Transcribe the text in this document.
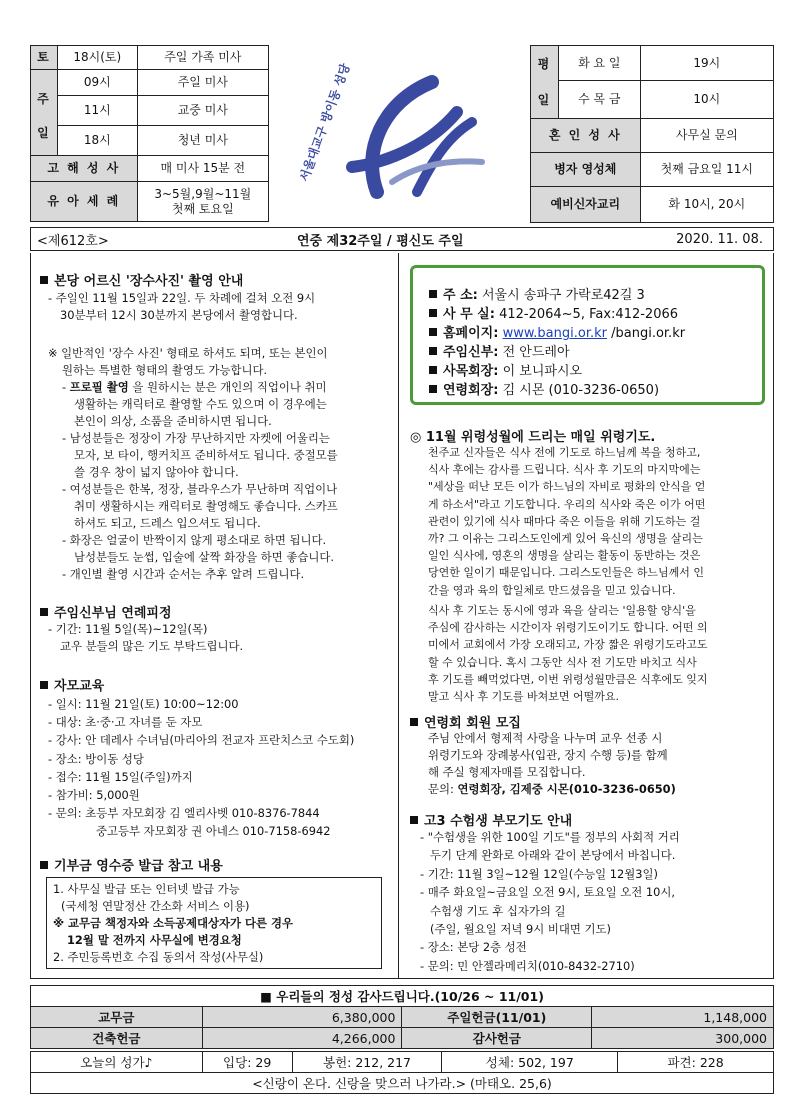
토	18시(토)	주일 가족 미사

주
일	09시	주일 미사
	11시	교중 미사
	18시	청년 미사
고 해 성 사		매 미사 15분 전
유 아 세 례		3~5월,9월~11월
첫째 토요일
서울대교구 방이동 성당	평
일	화 요 일	19시
	수 목 금	10시
혼 인 성 사		사무실 문의
병자 영성체		첫째 금요일 11시
예비신자교리		화 10시, 20시
<제612호>	연중 제32주일 / 평신도 주일	2020. 11. 08.
본당 어르신 '장수사진' 촬영 안내
- 주일인 11월 15일과 22일. 두 차례에 걸쳐 오전 9시
30분부터 12시 30분까지 본당에서 촬영합니다.
※ 일반적인 '장수 사진' 형태로 하셔도 되며, 또는 본인이
원하는 특별한 형태의 촬영도 가능합니다.
- 프로필 촬영 을 원하시는 분은 개인의 직업이나 취미
생활하는 캐릭터로 촬영할 수도 있으며 이 경우에는
본인이 의상, 소품을 준비하시면 됩니다.
- 남성분들은 정장이 가장 무난하지만 자켓에 어울리는
모자, 보 타이, 행커치프 준비하셔도 됩니다. 중절모를
쓸 경우 창이 넓지 않아야 합니다.
- 여성분들은 한복, 정장, 블라우스가 무난하며 직업이나
취미 생활하시는 캐릭터로 촬영해도 좋습니다. 스카프
하셔도 되고, 드레스 입으셔도 됩니다.
- 화장은 얼굴이 반짝이지 않게 평소대로 하면 됩니다.
남성분들도 눈썹, 입술에 살짝 화장을 하면 좋습니다.
- 개인별 촬영 시간과 순서는 추후 알려 드립니다.
주임신부님 연례피정
- 기간: 11월 5일(목)~12일(목)
교우 분들의 많은 기도 부탁드립니다.
자모교육
- 일시: 11월 21일(토) 10:00~12:00
- 대상: 초·중·고 자녀를 둔 자모
- 강사: 안 데레사 수녀님(마리아의 전교자 프란치스코 수도회)
- 장소: 방이동 성당
- 접수: 11월 15일(주일)까지
- 참가비: 5,000원
- 문의: 초등부 자모회장 김 엘리사벳 010-8376-7844
중고등부 자모회장 권 아네스 010-7158-6942
기부금 영수증 발급 참고 내용
1. 사무실 발급 또는 인터넷 발급 가능
(국세청 연말정산 간소화 서비스 이용)
※ 교무금 책정자와 소득공제대상자가 다른 경우
12월 말 전까지 사무실에 변경요청
2. 주민등록번호 수집 동의서 작성(사무실)
주 소: 서울시 송파구 가락로42길 3
사 무 실: 412-2064~5, Fax:412-2066
홈페이지: www.bangi.or.kr /bangi.or.kr
주임신부: 전 안드레아
사목회장: 이 보니파시오
연령회장: 김 시몬 (010-3236-0650)
◎ 11월 위령성월에 드리는 매일 위령기도.
천주교 신자들은 식사 전에 기도로 하느님께 복을 청하고,
식사 후에는 감사를 드립니다. 식사 후 기도의 마지막에는
"세상을 떠난 모든 이가 하느님의 자비로 평화의 안식을 얻
게 하소서"라고 기도합니다. 우리의 식사와 죽은 이가 어떤
관련이 있기에 식사 때마다 죽은 이들을 위해 기도하는 걸
까? 그 이유는 그리스도인에게 있어 육신의 생명을 살리는
일인 식사에, 영혼의 생명을 살리는 활동이 동반하는 것은
당연한 일이기 때문입니다. 그리스도인들은 하느님께서 인
간을 영과 육의 합일체로 만드셨음을 믿고 있습니다.
식사 후 기도는 동시에 영과 육을 살리는 '일용할 양식'을
주심에 감사하는 시간이자 위령기도이기도 합니다. 어떤 의
미에서 교회에서 가장 오래되고, 가장 짧은 위령기도라고도
할 수 있습니다. 혹시 그동안 식사 전 기도만 바치고 식사
후 기도를 빼먹었다면, 이번 위령성월만큼은 식후에도 잊지
말고 식사 후 기도를 바쳐보면 어떨까요.
연령회 회원 모집
주님 안에서 형제적 사랑을 나누며 교우 선종 시
위령기도와 장례봉사(입관, 장지 수행 등)를 함께
해 주실 형제자매를 모집합니다.
문의: 연령회장, 김제중 시몬(010-3236-0650)
고3 수험생 부모기도 안내
- "수험생을 위한 100일 기도"를 정부의 사회적 거리
두기 단계 완화로 아래와 같이 본당에서 바칩니다.
- 기간: 11월 3일~12월 12일(수능일 12월3일)
- 매주 화요일~금요일 오전 9시, 토요일 오전 10시,
수험생 기도 후 십자가의 길
(주일, 월요일 저녁 9시 비대면 기도)
- 장소: 본당 2층 성전
- 문의: 민 안젤라메리치(010-8432-2710)
■ 우리들의 정성 감사드립니다.(10/26 ~ 11/01)			
교무금	6,380,000	주일헌금(11/01)	1,148,000
건축헌금	4,266,000	감사헌금	300,000
오늘의 성가♪	입당: 29	봉헌: 212, 217	성체: 502, 197	파견: 228
<신랑이 온다. 신랑을 맞으러 나가라.> (마태오. 25,6)
